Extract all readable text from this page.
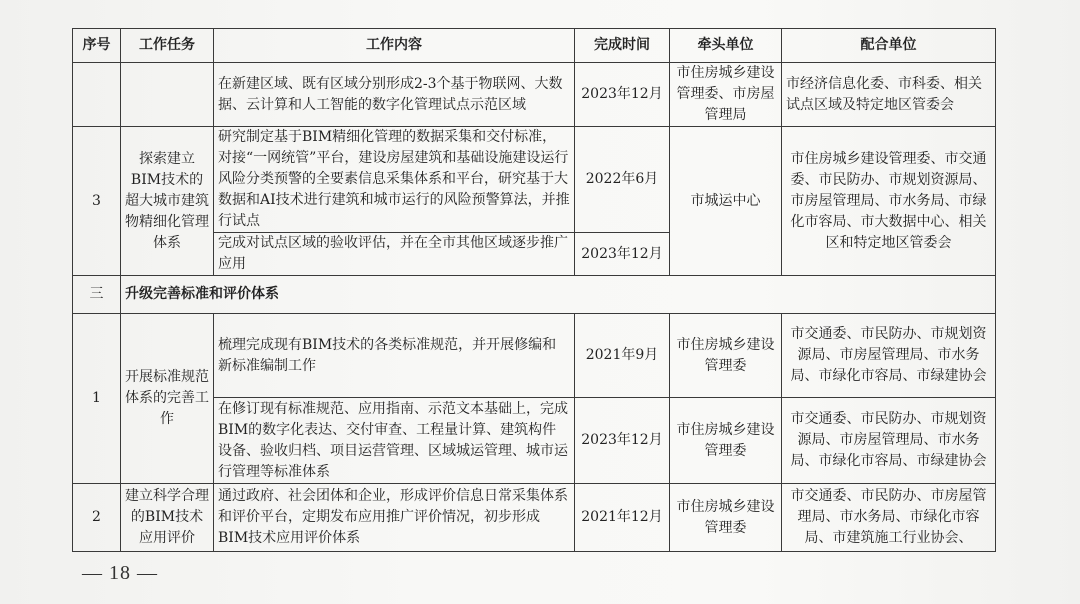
序号	工作任务	工作内容	完成时间	牵头单位	配合单位
		在新建区域、既有区域分别形成2-3个基于物联网、大数据、云计算和人工智能的数字化管理试点示范区域	2023年12月	市住房城乡建设管理委、市房屋管理局	市经济信息化委、市科委、相关试点区域及特定地区管委会
3	探索建立BIM技术的超大城市建筑物精细化管理体系	研究制定基于BIM精细化管理的数据采集和交付标准，对接“一网统管”平台，建设房屋建筑和基础设施建设运行风险分类预警的全要素信息采集体系和平台，研究基于大数据和AI技术进行建筑和城市运行的风险预警算法，并推行试点	2022年6月	市城运中心	市住房城乡建设管理委、市交通委、市民防办、市规划资源局、市房屋管理局、市水务局、市绿化市容局、市大数据中心、相关区和特定地区管委会
		完成对试点区域的验收评估，并在全市其他区域逐步推广应用	2023年12月		
三	升级完善标准和评价体系				
1	开展标准规范体系的完善工作	梳理完成现有BIM技术的各类标准规范，并开展修编和新标准编制工作	2021年9月	市住房城乡建设管理委	市交通委、市民防办、市规划资源局、市房屋管理局、市水务局、市绿化市容局、市绿建协会
		在修订现有标准规范、应用指南、示范文本基础上，完成BIM的数字化表达、交付审查、工程量计算、建筑构件设备、验收归档、项目运营管理、区域城运管理、城市运行管理等标准体系	2023年12月	市住房城乡建设管理委	市交通委、市民防办、市规划资源局、市房屋管理局、市水务局、市绿化市容局、市绿建协会
2	建立科学合理的BIM技术应用评价	通过政府、社会团体和企业，形成评价信息日常采集体系和评价平台，定期发布应用推广评价情况，初步形成BIM技术应用评价体系	2021年12月	市住房城乡建设管理委	市交通委、市民防办、市房屋管理局、市水务局、市绿化市容局、市建筑施工行业协会、
— 18 —
